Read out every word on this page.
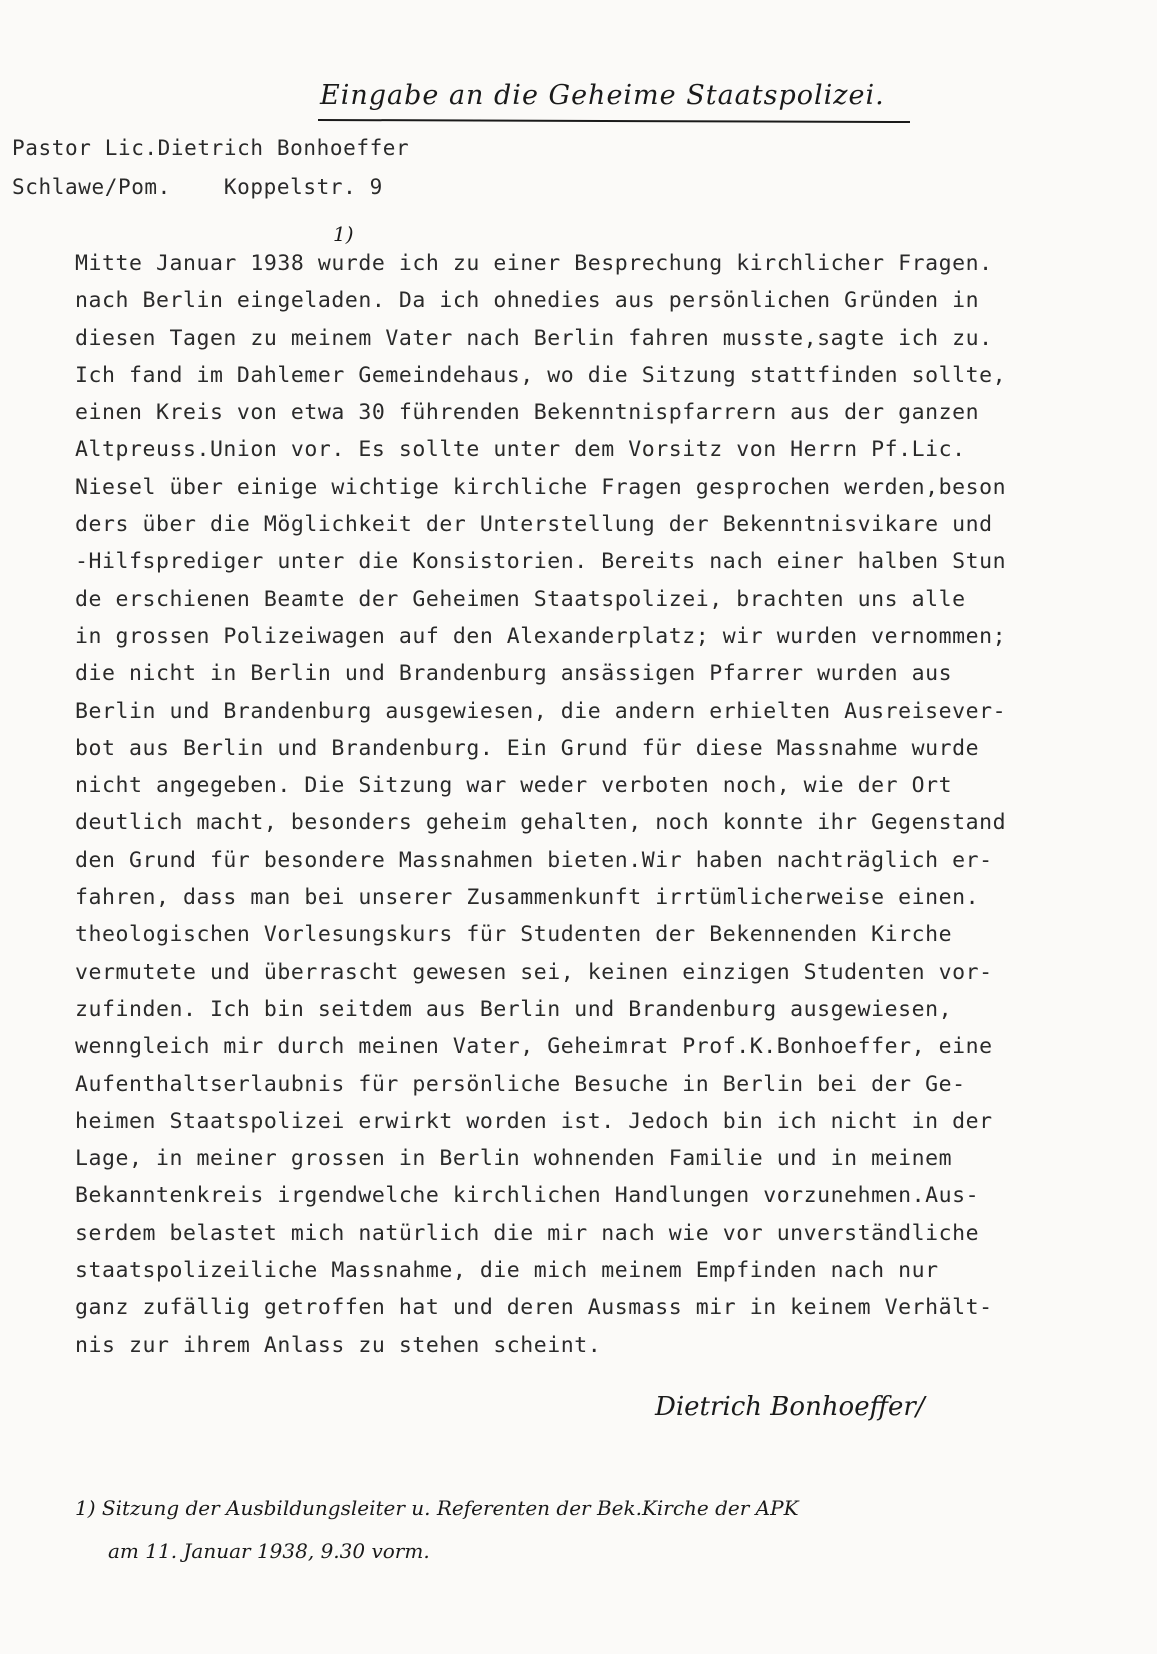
Eingabe an die Geheime Staatspolizei.
Pastor Lic.Dietrich Bonhoeffer
Schlawe/Pom.    Koppelstr. 9
1)
Mitte Januar 1938 wurde ich zu einer Besprechung kirchlicher Fragen.
nach Berlin eingeladen. Da ich ohnedies aus persönlichen Gründen in
diesen Tagen zu meinem Vater nach Berlin fahren musste,sagte ich zu.
Ich fand im Dahlemer Gemeindehaus, wo die Sitzung stattfinden sollte,
einen Kreis von etwa 30 führenden Bekenntnispfarrern aus der ganzen
Altpreuss.Union vor. Es sollte unter dem Vorsitz von Herrn Pf.Lic.
Niesel über einige wichtige kirchliche Fragen gesprochen werden,beson
ders über die Möglichkeit der Unterstellung der Bekenntnisvikare und
-Hilfsprediger unter die Konsistorien. Bereits nach einer halben Stun
de erschienen Beamte der Geheimen Staatspolizei, brachten uns alle
in grossen Polizeiwagen auf den Alexanderplatz; wir wurden vernommen;
die nicht in Berlin und Brandenburg ansässigen Pfarrer wurden aus
Berlin und Brandenburg ausgewiesen, die andern erhielten Ausreisever-
bot aus Berlin und Brandenburg. Ein Grund für diese Massnahme wurde
nicht angegeben. Die Sitzung war weder verboten noch, wie der Ort
deutlich macht, besonders geheim gehalten, noch konnte ihr Gegenstand
den Grund für besondere Massnahmen bieten.Wir haben nachträglich er-
fahren, dass man bei unserer Zusammenkunft irrtümlicherweise einen.
theologischen Vorlesungskurs für Studenten der Bekennenden Kirche
vermutete und überrascht gewesen sei, keinen einzigen Studenten vor-
zufinden. Ich bin seitdem aus Berlin und Brandenburg ausgewiesen,
wenngleich mir durch meinen Vater, Geheimrat Prof.K.Bonhoeffer, eine
Aufenthaltserlaubnis für persönliche Besuche in Berlin bei der Ge-
heimen Staatspolizei erwirkt worden ist. Jedoch bin ich nicht in der
Lage, in meiner grossen in Berlin wohnenden Familie und in meinem
Bekanntenkreis irgendwelche kirchlichen Handlungen vorzunehmen.Aus-
serdem belastet mich natürlich die mir nach wie vor unverständliche
staatspolizeiliche Massnahme, die mich meinem Empfinden nach nur
ganz zufällig getroffen hat und deren Ausmass mir in keinem Verhält-
nis zur ihrem Anlass zu stehen scheint.
Dietrich Bonhoeffer/
1) Sitzung der Ausbildungsleiter u. Referenten der Bek.Kirche der APK
am 11. Januar 1938, 9.30 vorm.
